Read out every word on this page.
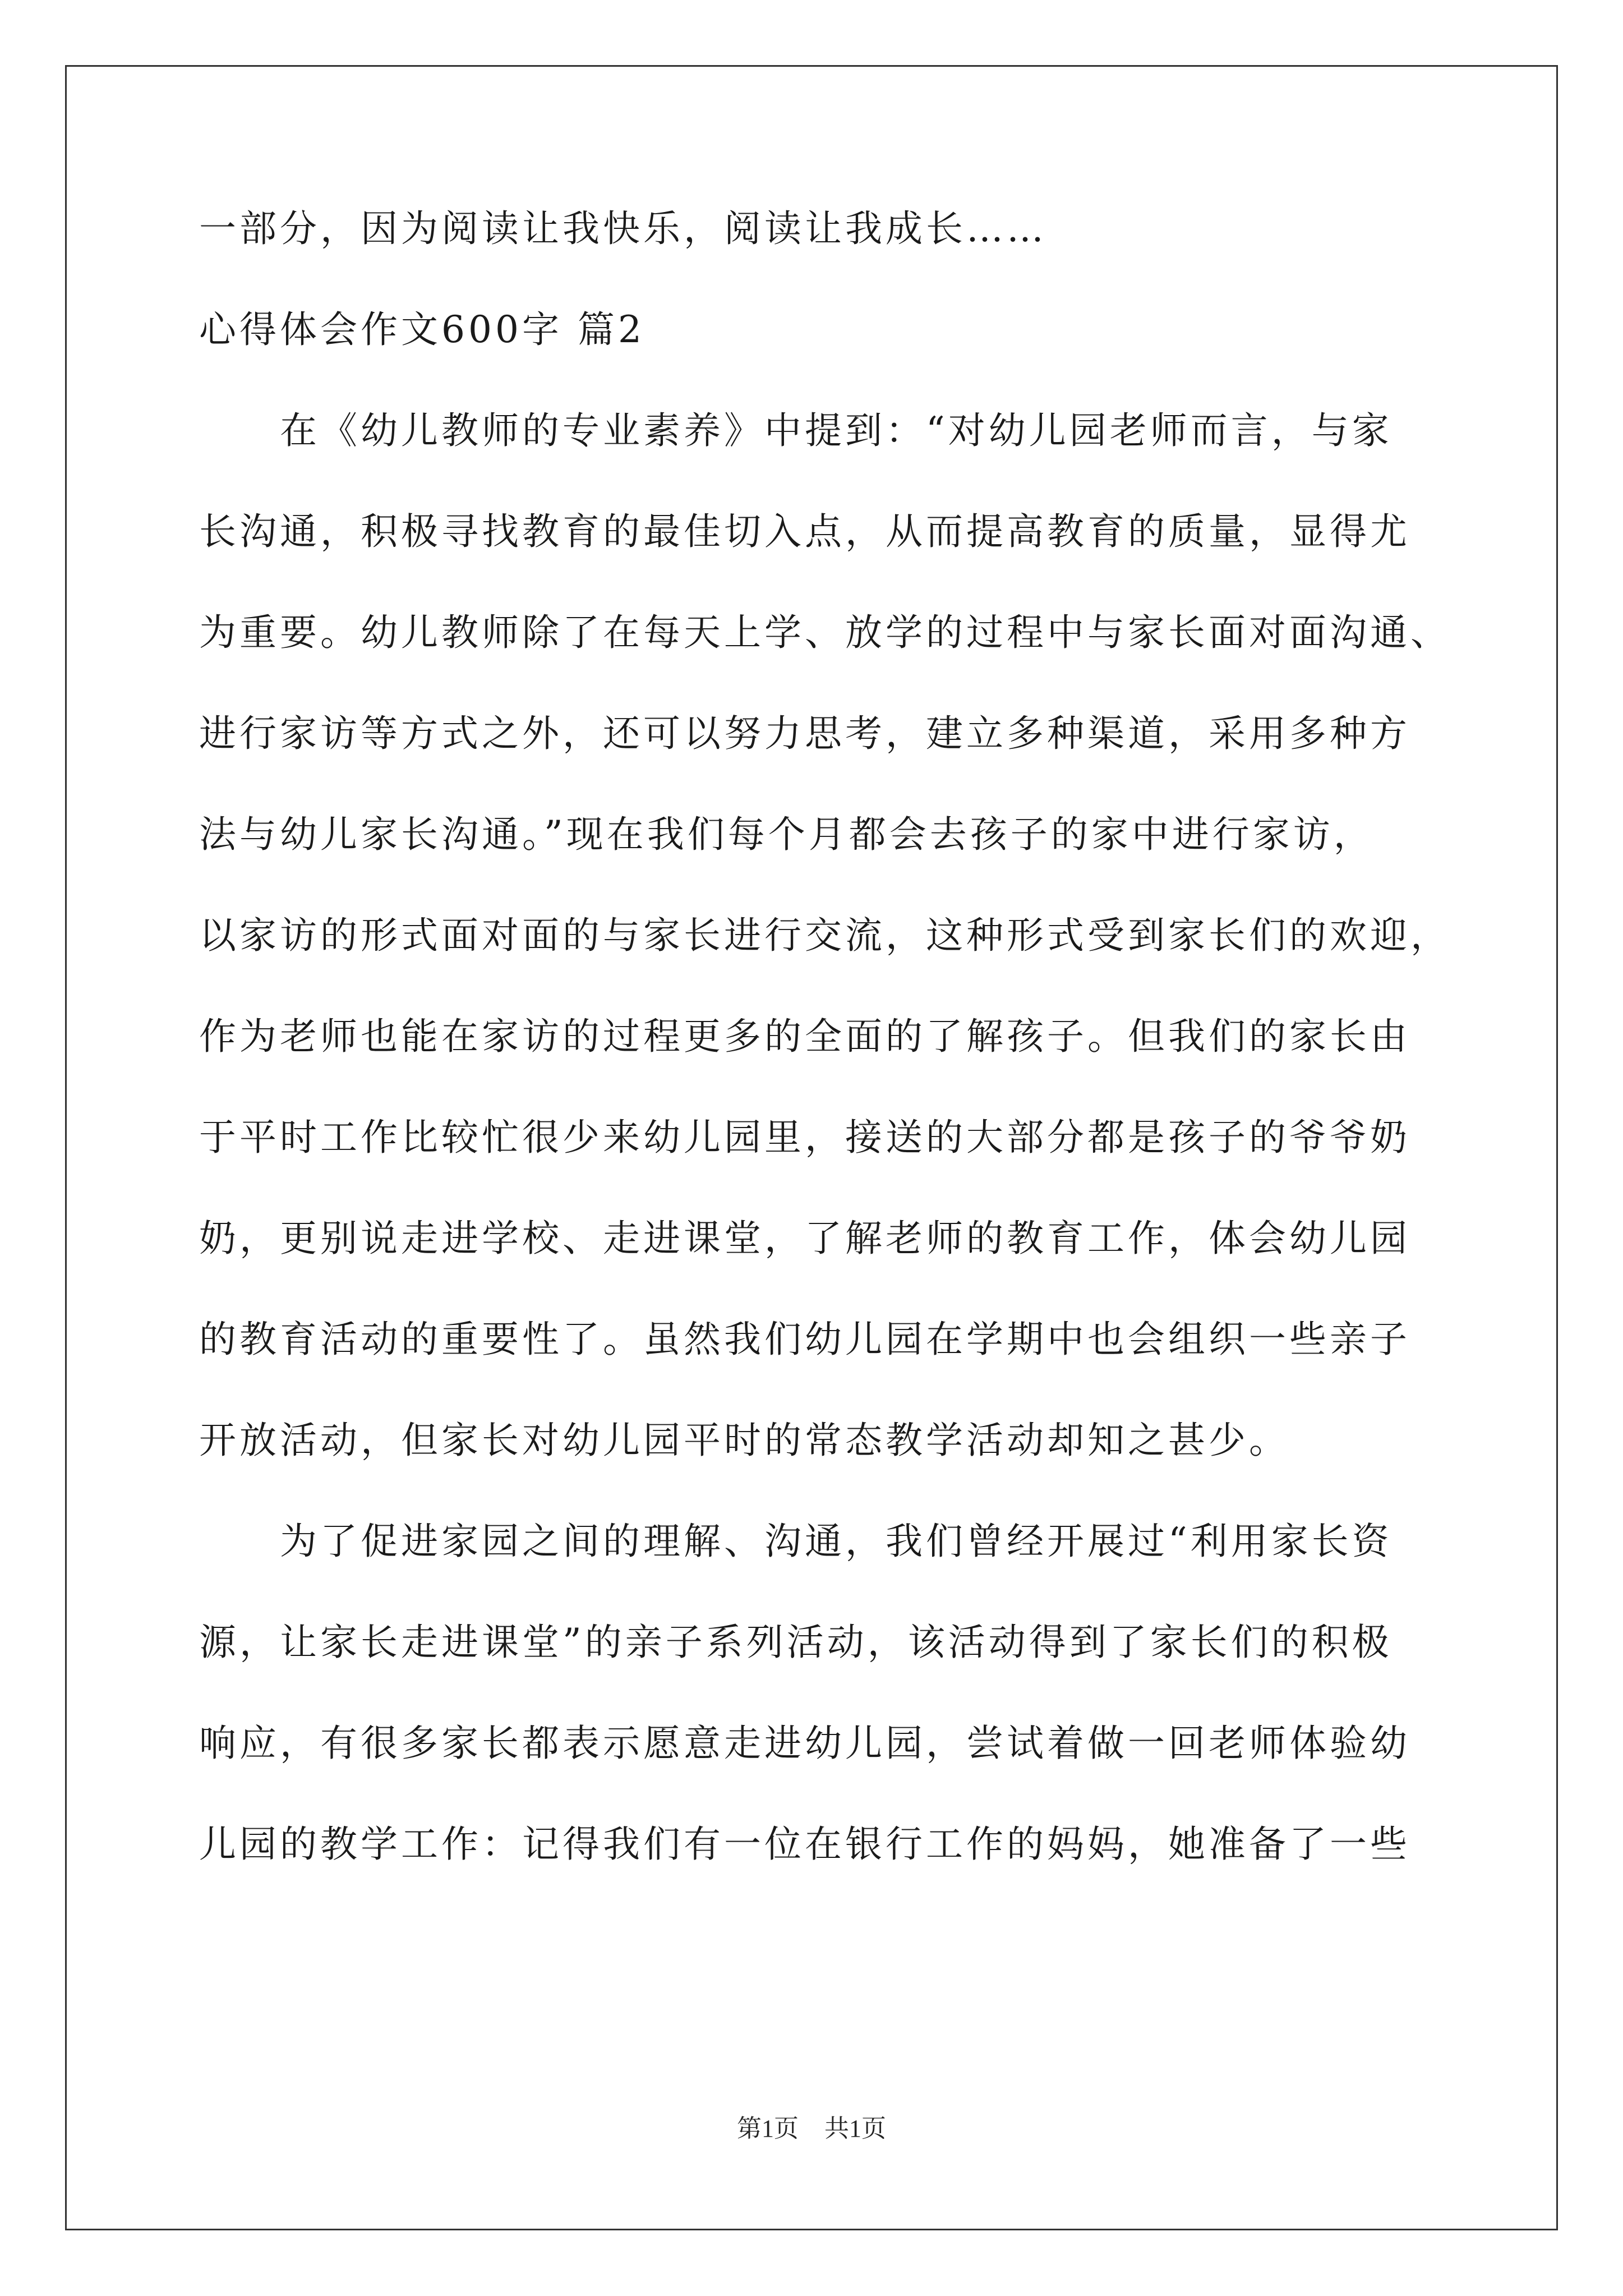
一部分，因为阅读让我快乐，阅读让我成长……
心得体会作文600字 篇2
　　在《幼儿教师的专业素养》中提到：“对幼儿园老师而言，与家
长沟通，积极寻找教育的最佳切入点，从而提高教育的质量，显得尤
为重要。幼儿教师除了在每天上学、放学的过程中与家长面对面沟通、
进行家访等方式之外，还可以努力思考，建立多种渠道，采用多种方
法与幼儿家长沟通。”现在我们每个月都会去孩子的家中进行家访，
以家访的形式面对面的与家长进行交流，这种形式受到家长们的欢迎，
作为老师也能在家访的过程更多的全面的了解孩子。但我们的家长由
于平时工作比较忙很少来幼儿园里，接送的大部分都是孩子的爷爷奶
奶，更别说走进学校、走进课堂，了解老师的教育工作，体会幼儿园
的教育活动的重要性了。虽然我们幼儿园在学期中也会组织一些亲子
开放活动，但家长对幼儿园平时的常态教学活动却知之甚少。
　　为了促进家园之间的理解、沟通，我们曾经开展过“利用家长资
源，让家长走进课堂”的亲子系列活动，该活动得到了家长们的积极
响应，有很多家长都表示愿意走进幼儿园，尝试着做一回老师体验幼
儿园的教学工作：记得我们有一位在银行工作的妈妈，她准备了一些
第1页 共1页
